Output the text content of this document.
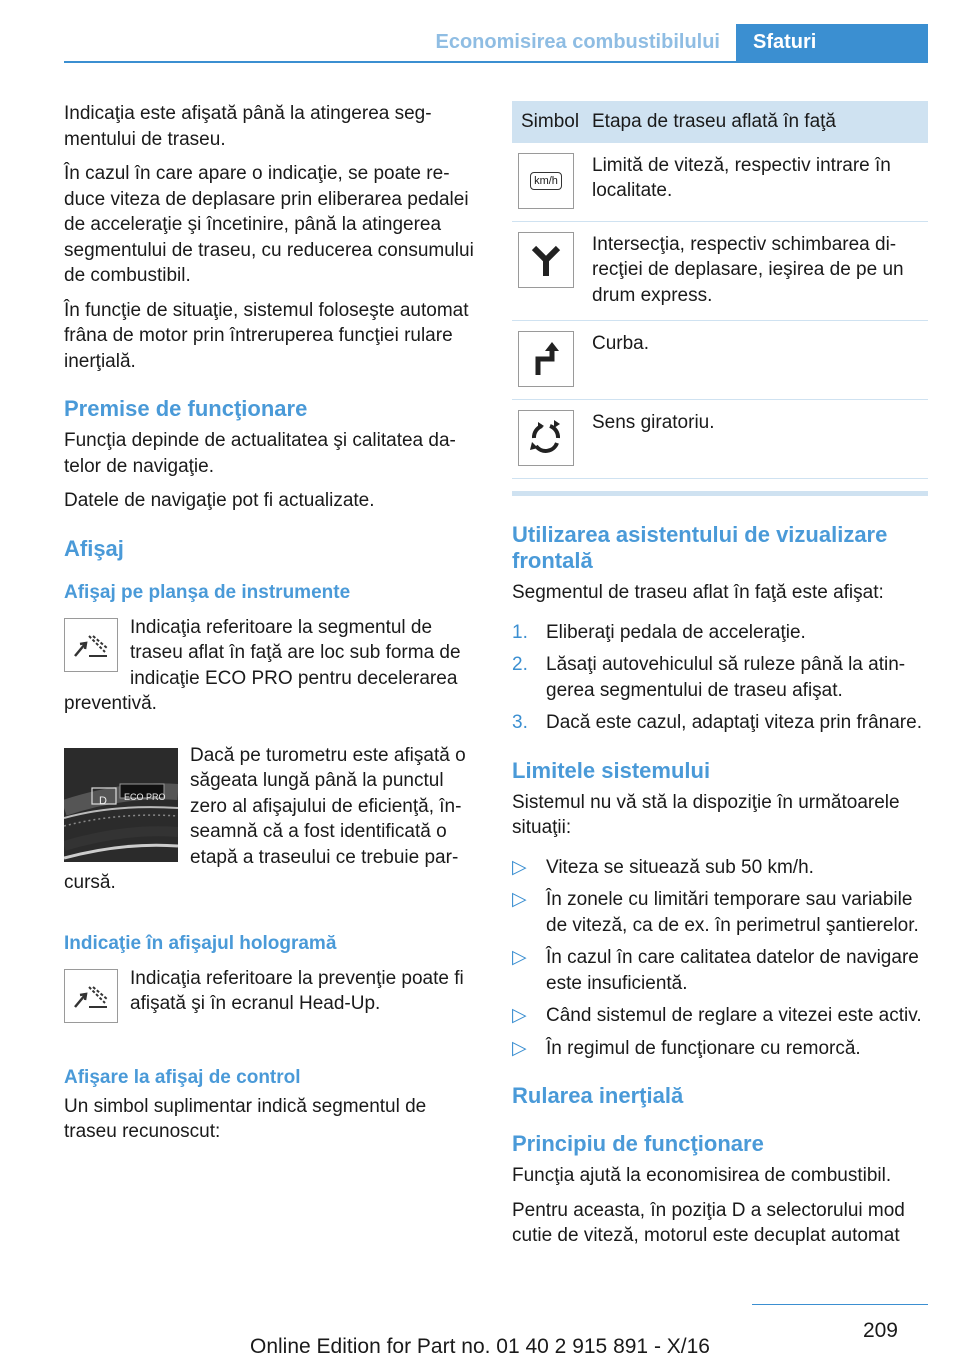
Economisirea combustibilului Sfaturi

Indicaţia este afişată până la atingerea segmentului de traseu.

În cazul în care apare o indicaţie, se poate reduce viteza de deplasare prin eliberarea pedalei de acceleraţie şi încetinire, până la atingerea segmentului de traseu, cu reducerea consumului de combustibil.

În funcţie de situaţie, sistemul foloseşte automat frâna de motor prin întreruperea funcţiei rulare inerţială.

Premise de funcţionare

Funcţia depinde de actualitatea şi calitatea datelor de navigaţie.

Datele de navigaţie pot fi actualizate.

Afişaj
Afişaj pe planşa de instrumente

Indicaţia referitoare la segmentul de traseu aflat în faţă are loc sub forma de indicaţie ECO PRO pentru decelerarea preventivă.

D ECO PRO

Dacă pe turometru este afişată o săgeata lungă până la punctul zero al afişajului de eficienţă, înseamnă că a fost identificată o etapă a traseului ce trebuie parcursă.

Indicaţie în afişajul hologramă

Indicaţia referitoare la prevenţie poate fi afişată şi în ecranul Head-Up.

Afişare la afişaj de control

Un simbol suplimentar indică segmentul de traseu recunoscut:

Simbol	Etapa de traseu aflată în faţă

km/h	Limită de viteză, respectiv intrare în localitate.

	Intersecţia, respectiv schimbarea direcţiei de deplasare, ieşirea de pe un drum express.

	Curba.

	Sens giratoriu.
Utilizarea asistentului de vizualizare frontală

Segmentul de traseu aflat în faţă este afişat:

1. Eliberaţi pedala de acceleraţie.
2. Lăsaţi autovehiculul să ruleze până la atingerea segmentului de traseu afişat.
3. Dacă este cazul, adaptaţi viteza prin frânare.
Limitele sistemului

Sistemul nu vă stă la dispoziţie în următoarele situaţii:

▷ Viteza se situează sub 50 km/h.
▷ În zonele cu limitări temporare sau variabile de viteză, ca de ex. în perimetrul şantierelor.
▷ În cazul în care calitatea datelor de navigare este insuficientă.
▷ Când sistemul de reglare a vitezei este activ.
▷ În regimul de funcţionare cu remorcă.
Rularea inerţială
Principiu de funcţionare

Funcţia ajută la economisirea de combustibil.

Pentru aceasta, în poziţia D a selectorului mod cutie de viteză, motorul este decuplat automat

209
Online Edition for Part no. 01 40 2 915 891 - X/16
